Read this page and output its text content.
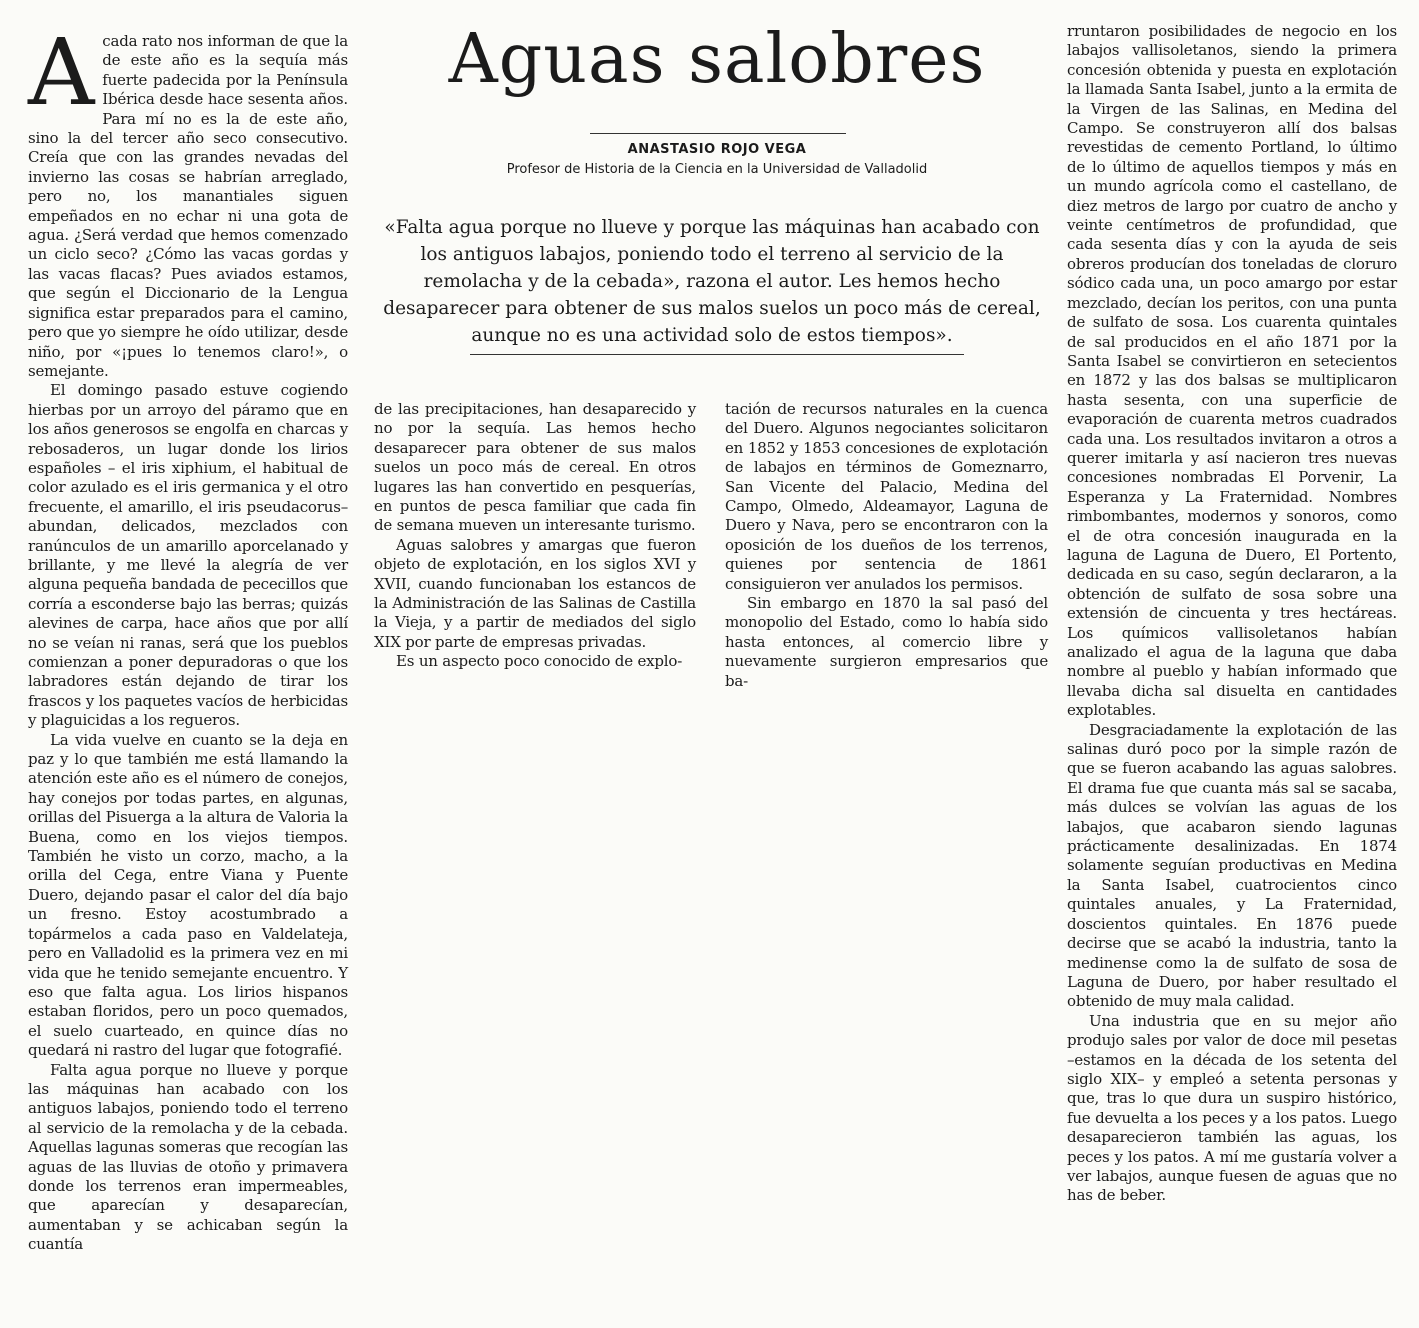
Aguas salobres
ANASTASIO ROJO VEGA
Profesor de Historia de la Ciencia en la Universidad de Valladolid

«Falta agua porque no llueve y porque las máquinas han acabado con los antiguos labajos, poniendo todo el terreno al servicio de la remolacha y de la cebada», razona el autor. Les hemos hecho desaparecer para obtener de sus malos suelos un poco más de cereal, aunque no es una actividad solo de estos tiempos».

Acada rato nos informan de que la de este año es la sequía más fuerte padecida por la Península Ibérica desde hace sesenta años. Para mí no es la de este año, sino la del tercer año seco consecutivo. Creía que con las grandes nevadas del invierno las cosas se habrían arreglado, pero no, los manantiales siguen empeñados en no echar ni una gota de agua. ¿Será verdad que hemos comenzado un ciclo seco? ¿Cómo las vacas gordas y las vacas flacas? Pues aviados estamos, que según el Diccionario de la Lengua significa estar preparados para el camino, pero que yo siempre he oído utilizar, desde niño, por «¡pues lo tenemos claro!», o semejante.

El domingo pasado estuve cogiendo hierbas por un arroyo del páramo que en los años generosos se engolfa en charcas y rebosaderos, un lugar donde los lirios españoles – el iris xiphium, el habitual de color azulado es el iris germanica y el otro frecuente, el amarillo, el iris pseudacorus– abundan, delicados, mezclados con ranúnculos de un amarillo aporcelanado y brillante, y me llevé la alegría de ver alguna pequeña bandada de pececillos que corría a esconderse bajo las berras; quizás alevines de carpa, hace años que por allí no se veían ni ranas, será que los pueblos comienzan a poner depuradoras o que los labradores están dejando de tirar los frascos y los paquetes vacíos de herbicidas y plaguicidas a los regueros.

La vida vuelve en cuanto se la deja en paz y lo que también me está llamando la atención este año es el número de conejos, hay conejos por todas partes, en algunas, orillas del Pisuerga a la altura de Valoria la Buena, como en los viejos tiempos. También he visto un corzo, macho, a la orilla del Cega, entre Viana y Puente Duero, dejando pasar el calor del día bajo un fresno. Estoy acostumbrado a topármelos a cada paso en Valdelateja, pero en Valladolid es la primera vez en mi vida que he tenido semejante encuentro. Y eso que falta agua. Los lirios hispanos estaban floridos, pero un poco quemados, el suelo cuarteado, en quince días no quedará ni rastro del lugar que fotografié.

Falta agua porque no llueve y porque las máquinas han acabado con los antiguos labajos, poniendo todo el terreno al servicio de la remolacha y de la cebada. Aquellas lagunas someras que recogían las aguas de las lluvias de otoño y primavera donde los terrenos eran impermeables, que aparecían y desaparecían, aumentaban y se achicaban según la cuantía

de las precipitaciones, han desaparecido y no por la sequía. Las hemos hecho desaparecer para obtener de sus malos suelos un poco más de cereal. En otros lugares las han convertido en pesquerías, en puntos de pesca familiar que cada fin de semana mueven un interesante turismo.

Aguas salobres y amargas que fueron objeto de explotación, en los siglos XVI y XVII, cuando funcionaban los estancos de la Administración de las Salinas de Castilla la Vieja, y a partir de mediados del siglo XIX por parte de empresas privadas.

Es un aspecto poco conocido de explo-

tación de recursos naturales en la cuenca del Duero. Algunos negociantes solicitaron en 1852 y 1853 concesiones de explotación de labajos en términos de Gomeznarro, San Vicente del Palacio, Medina del Campo, Olmedo, Aldeamayor, Laguna de Duero y Nava, pero se encontraron con la oposición de los dueños de los terrenos, quienes por sentencia de 1861 consiguieron ver anulados los permisos.

Sin embargo en 1870 la sal pasó del monopolio del Estado, como lo había sido hasta entonces, al comercio libre y nuevamente surgieron empresarios que ba-

rruntaron posibilidades de negocio en los labajos vallisoletanos, siendo la primera concesión obtenida y puesta en explotación la llamada Santa Isabel, junto a la ermita de la Virgen de las Salinas, en Medina del Campo. Se construyeron allí dos balsas revestidas de cemento Portland, lo último de lo último de aquellos tiempos y más en un mundo agrícola como el castellano, de diez metros de largo por cuatro de ancho y veinte centímetros de profundidad, que cada sesenta días y con la ayuda de seis obreros producían dos toneladas de cloruro sódico cada una, un poco amargo por estar mezclado, decían los peritos, con una punta de sulfato de sosa. Los cuarenta quintales de sal producidos en el año 1871 por la Santa Isabel se convirtieron en setecientos en 1872 y las dos balsas se multiplicaron hasta sesenta, con una superficie de evaporación de cuarenta metros cuadrados cada una. Los resultados invitaron a otros a querer imitarla y así nacieron tres nuevas concesiones nombradas El Porvenir, La Esperanza y La Fraternidad. Nombres rimbombantes, modernos y sonoros, como el de otra concesión inaugurada en la laguna de Laguna de Duero, El Portento, dedicada en su caso, según declararon, a la obtención de sulfato de sosa sobre una extensión de cincuenta y tres hectáreas. Los químicos vallisoletanos habían analizado el agua de la laguna que daba nombre al pueblo y habían informado que llevaba dicha sal disuelta en cantidades explotables.

Desgraciadamente la explotación de las salinas duró poco por la simple razón de que se fueron acabando las aguas salobres. El drama fue que cuanta más sal se sacaba, más dulces se volvían las aguas de los labajos, que acabaron siendo lagunas prácticamente desalinizadas. En 1874 solamente seguían productivas en Medina la Santa Isabel, cuatrocientos cinco quintales anuales, y La Fraternidad, doscientos quintales. En 1876 puede decirse que se acabó la industria, tanto la medinense como la de sulfato de sosa de Laguna de Duero, por haber resultado el obtenido de muy mala calidad.

Una industria que en su mejor año produjo sales por valor de doce mil pesetas –estamos en la década de los setenta del siglo XIX– y empleó a setenta personas y que, tras lo que dura un suspiro histórico, fue devuelta a los peces y a los patos. Luego desaparecieron también las aguas, los peces y los patos. A mí me gustaría volver a ver labajos, aunque fuesen de aguas que no has de beber.
